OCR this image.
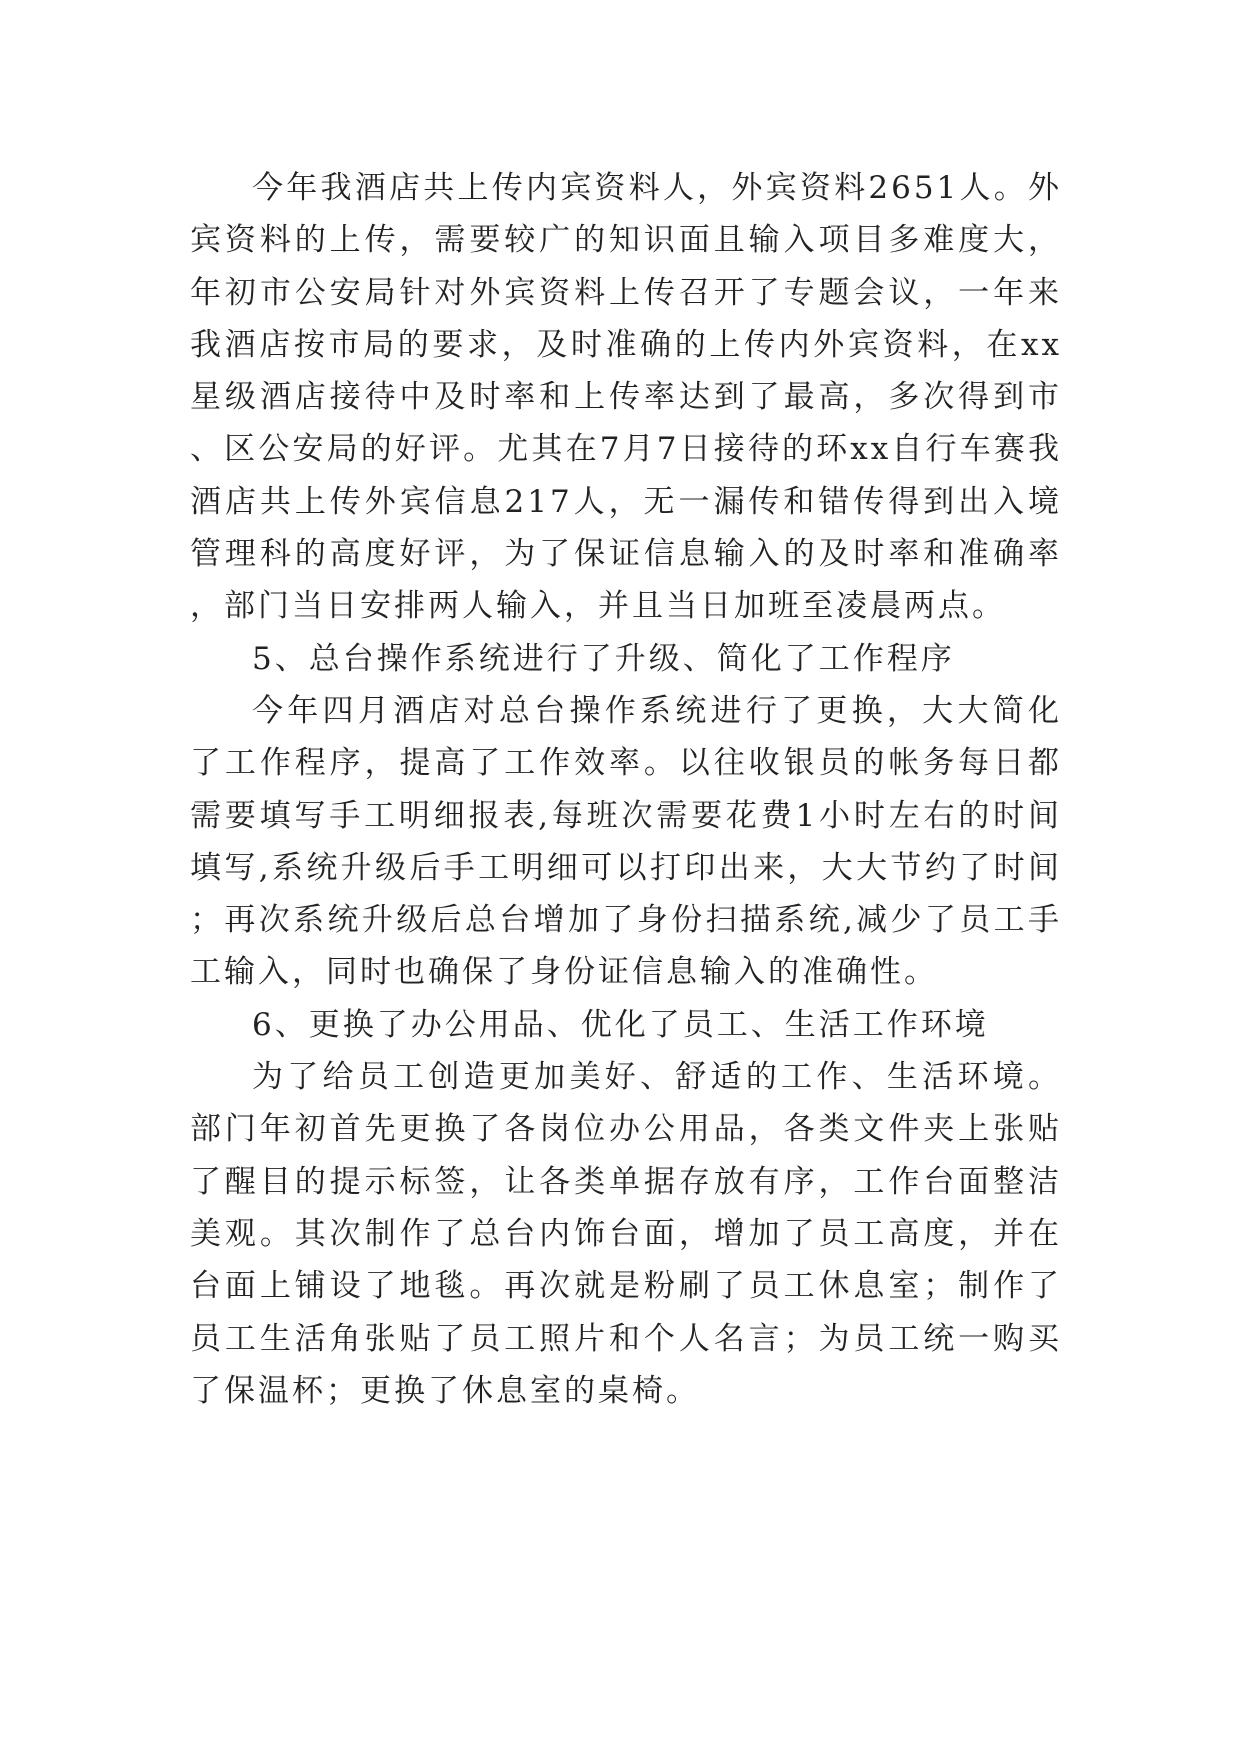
今年我酒店共上传内宾资料人，外宾资料2651人。外宾资料的上传，需要较广的知识面且输入项目多难度大，年初市公安局针对外宾资料上传召开了专题会议，一年来我酒店按市局的要求，及时准确的上传内外宾资料，在xx星级酒店接待中及时率和上传率达到了最高，多次得到市、区公安局的好评。尤其在7月7日接待的环xx自行车赛我酒店共上传外宾信息217人，无一漏传和错传得到出入境管理科的高度好评，为了保证信息输入的及时率和准确率，部门当日安排两人输入，并且当日加班至凌晨两点。

5、总台操作系统进行了升级、简化了工作程序

今年四月酒店对总台操作系统进行了更换，大大简化了工作程序，提高了工作效率。以往收银员的帐务每日都需要填写手工明细报表,每班次需要花费1小时左右的时间填写,系统升级后手工明细可以打印出来，大大节约了时间；再次系统升级后总台增加了身份扫描系统,减少了员工手工输入，同时也确保了身份证信息输入的准确性。

6、更换了办公用品、优化了员工、生活工作环境

为了给员工创造更加美好、舒适的工作、生活环境。部门年初首先更换了各岗位办公用品，各类文件夹上张贴了醒目的提示标签，让各类单据存放有序，工作台面整洁美观。其次制作了总台内饰台面，增加了员工高度，并在台面上铺设了地毯。再次就是粉刷了员工休息室；制作了员工生活角张贴了员工照片和个人名言；为员工统一购买了保温杯；更换了休息室的桌椅。
